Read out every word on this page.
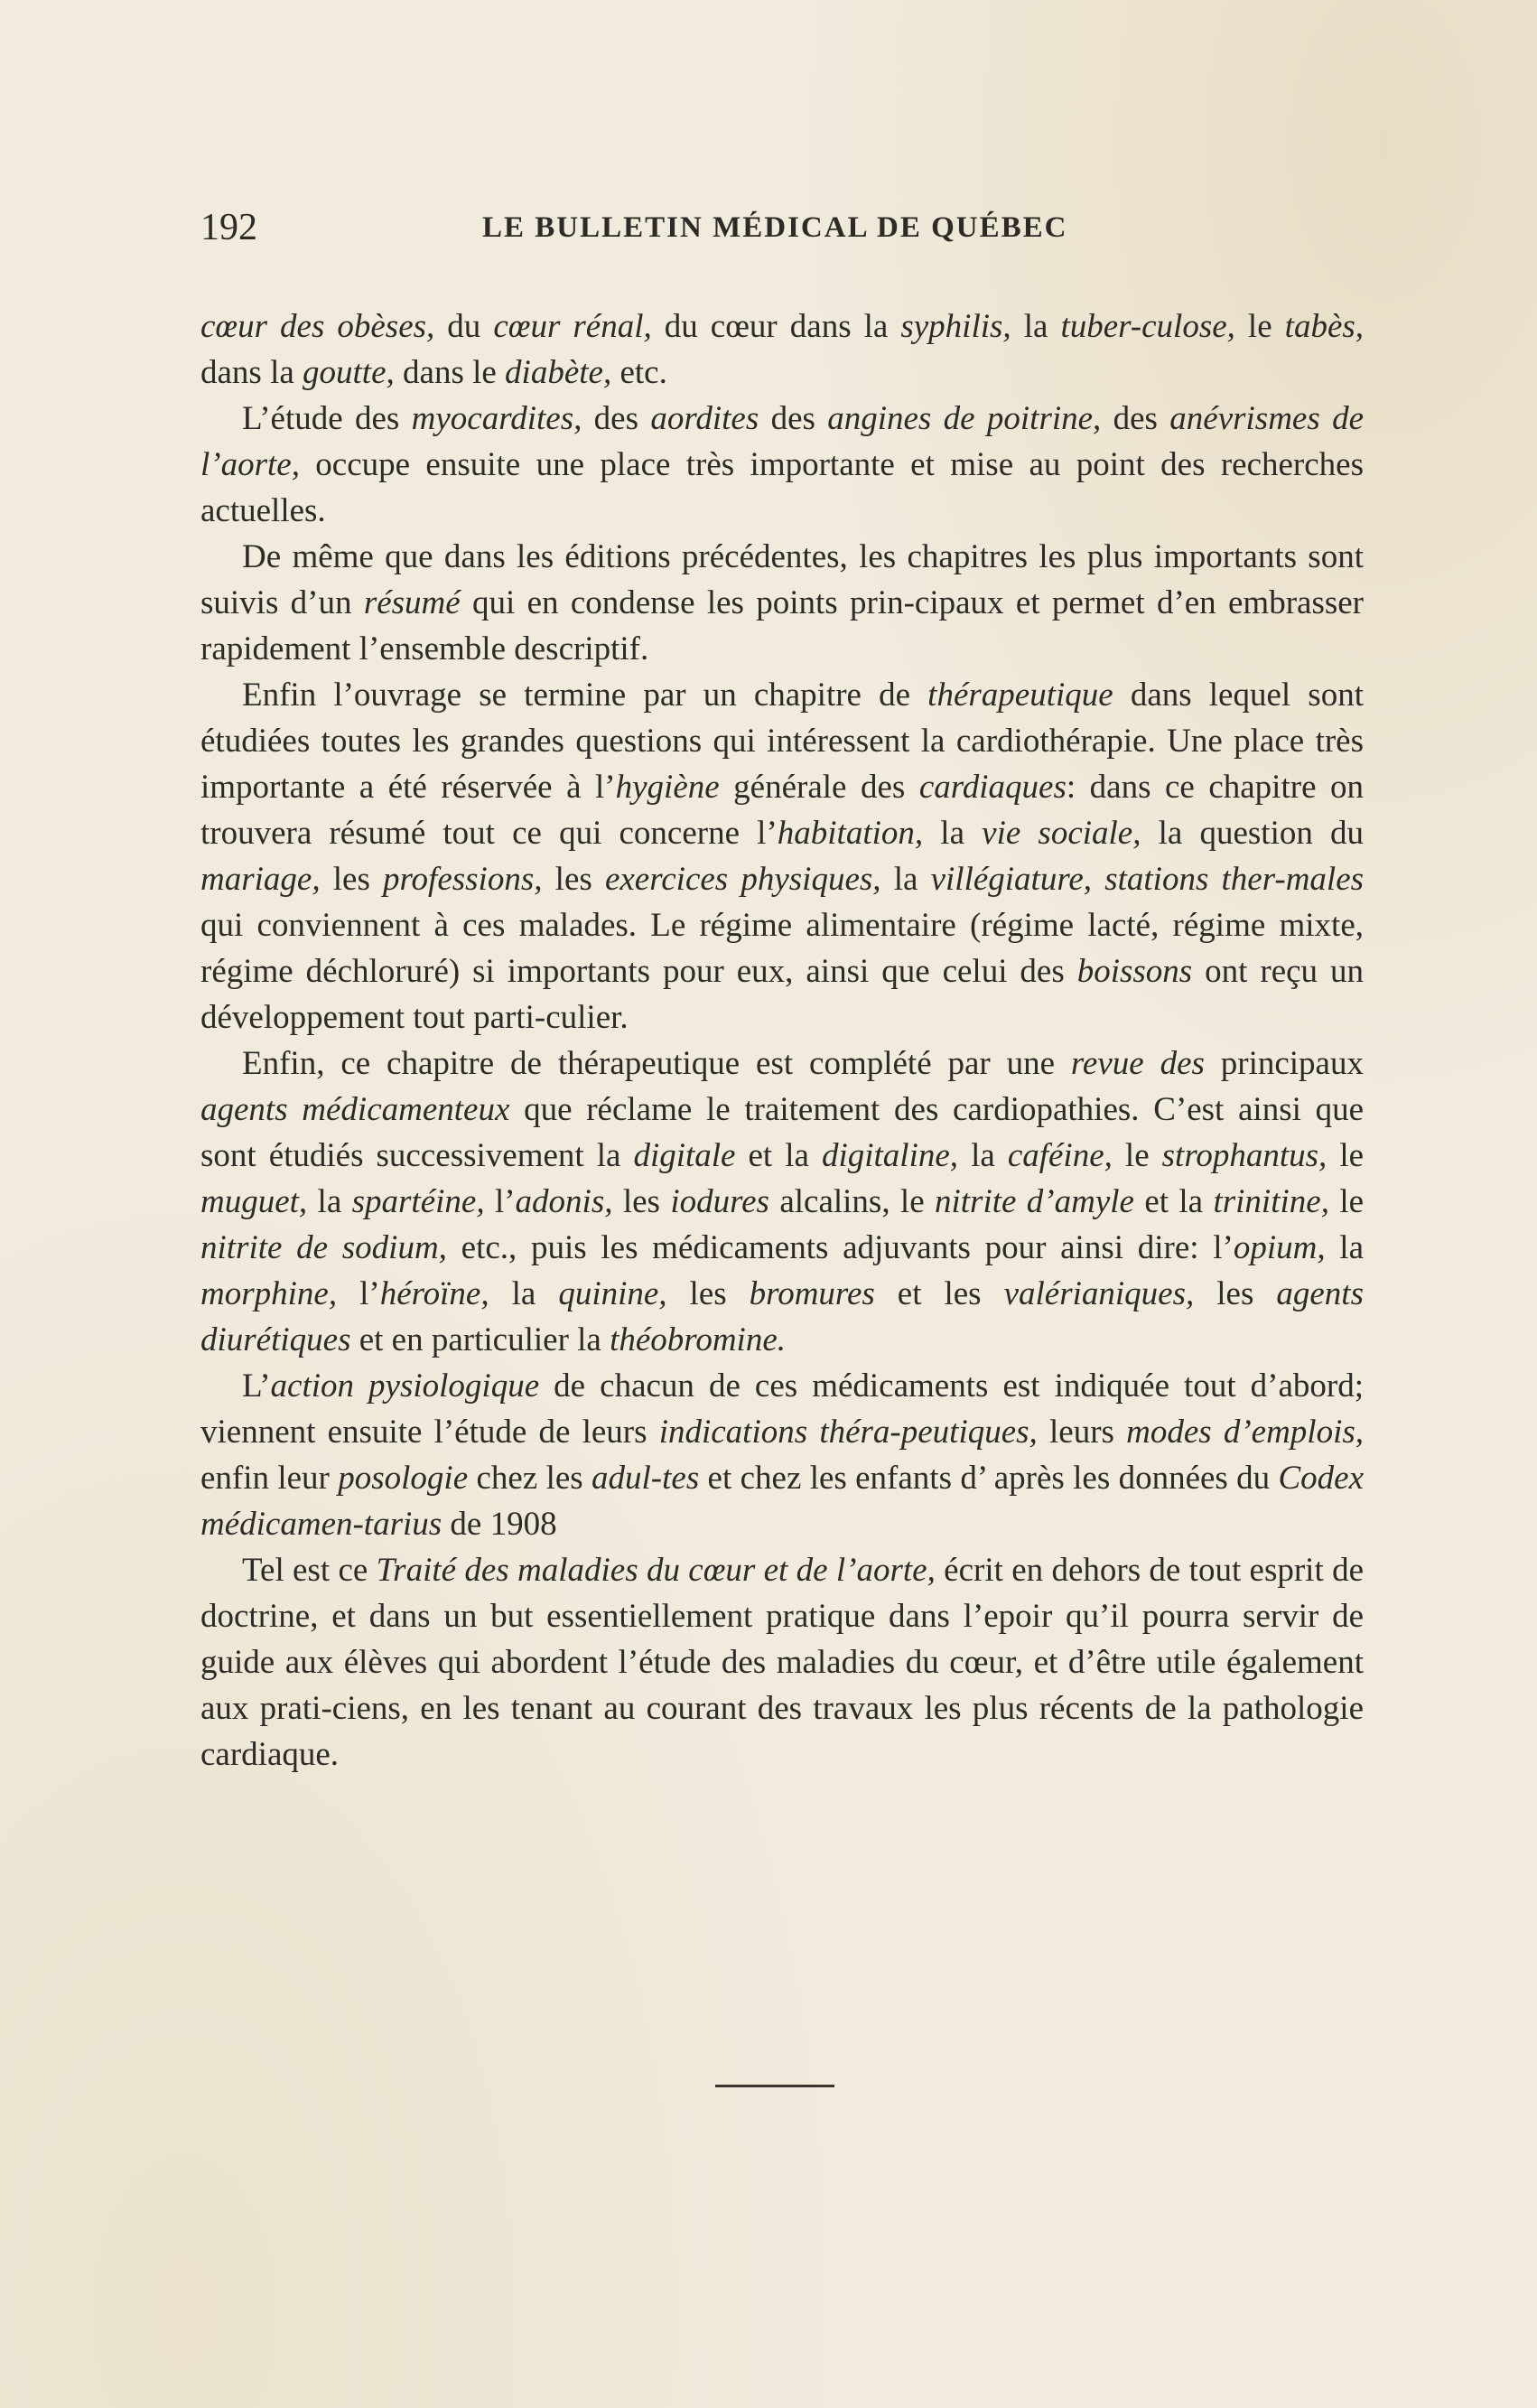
192	LE BULLETIN MÉDICAL DE QUÉBEC

cœur des obèses, du cœur rénal, du cœur dans la syphilis, la tuber-culose, le tabès, dans la goutte, dans le diabète, etc.

L’étude des myocardites, des aordites des angines de poitrine, des anévrismes de l’aorte, occupe ensuite une place très importante et mise au point des recherches actuelles.

De même que dans les éditions précédentes, les chapitres les plus importants sont suivis d’un résumé qui en condense les points prin-cipaux et permet d’en embrasser rapidement l’ensemble descriptif.

Enfin l’ouvrage se termine par un chapitre de thérapeutique dans lequel sont étudiées toutes les grandes questions qui intéressent la cardiothérapie. Une place très importante a été réservée à l’hygiène générale des cardiaques: dans ce chapitre on trouvera résumé tout ce qui concerne l’habitation, la vie sociale, la question du mariage, les professions, les exercices physiques, la villégiature, stations ther-males qui conviennent à ces malades. Le régime alimentaire (régime lacté, régime mixte, régime déchloruré) si importants pour eux, ainsi que celui des boissons ont reçu un développement tout parti-culier.

Enfin, ce chapitre de thérapeutique est complété par une revue des principaux agents médicamenteux que réclame le traitement des cardiopathies. C’est ainsi que sont étudiés successivement la digitale et la digitaline, la caféine, le strophantus, le muguet, la spartéine, l’adonis, les iodures alcalins, le nitrite d’amyle et la trinitine, le nitrite de sodium, etc., puis les médicaments adjuvants pour ainsi dire: l’opium, la morphine, l’héroïne, la quinine, les bromures et les valérianiques, les agents diurétiques et en particulier la théobromine.

L’action pysiologique de chacun de ces médicaments est indiquée tout d’abord; viennent ensuite l’étude de leurs indications théra-peutiques, leurs modes d’emplois, enfin leur posologie chez les adul-tes et chez les enfants d’ après les données du Codex médicamen-tarius de 1908

Tel est ce Traité des maladies du cœur et de l’aorte, écrit en dehors de tout esprit de doctrine, et dans un but essentiellement pratique dans l’epoir qu’il pourra servir de guide aux élèves qui abordent l’étude des maladies du cœur, et d’être utile également aux prati-ciens, en les tenant au courant des travaux les plus récents de la pathologie cardiaque.
